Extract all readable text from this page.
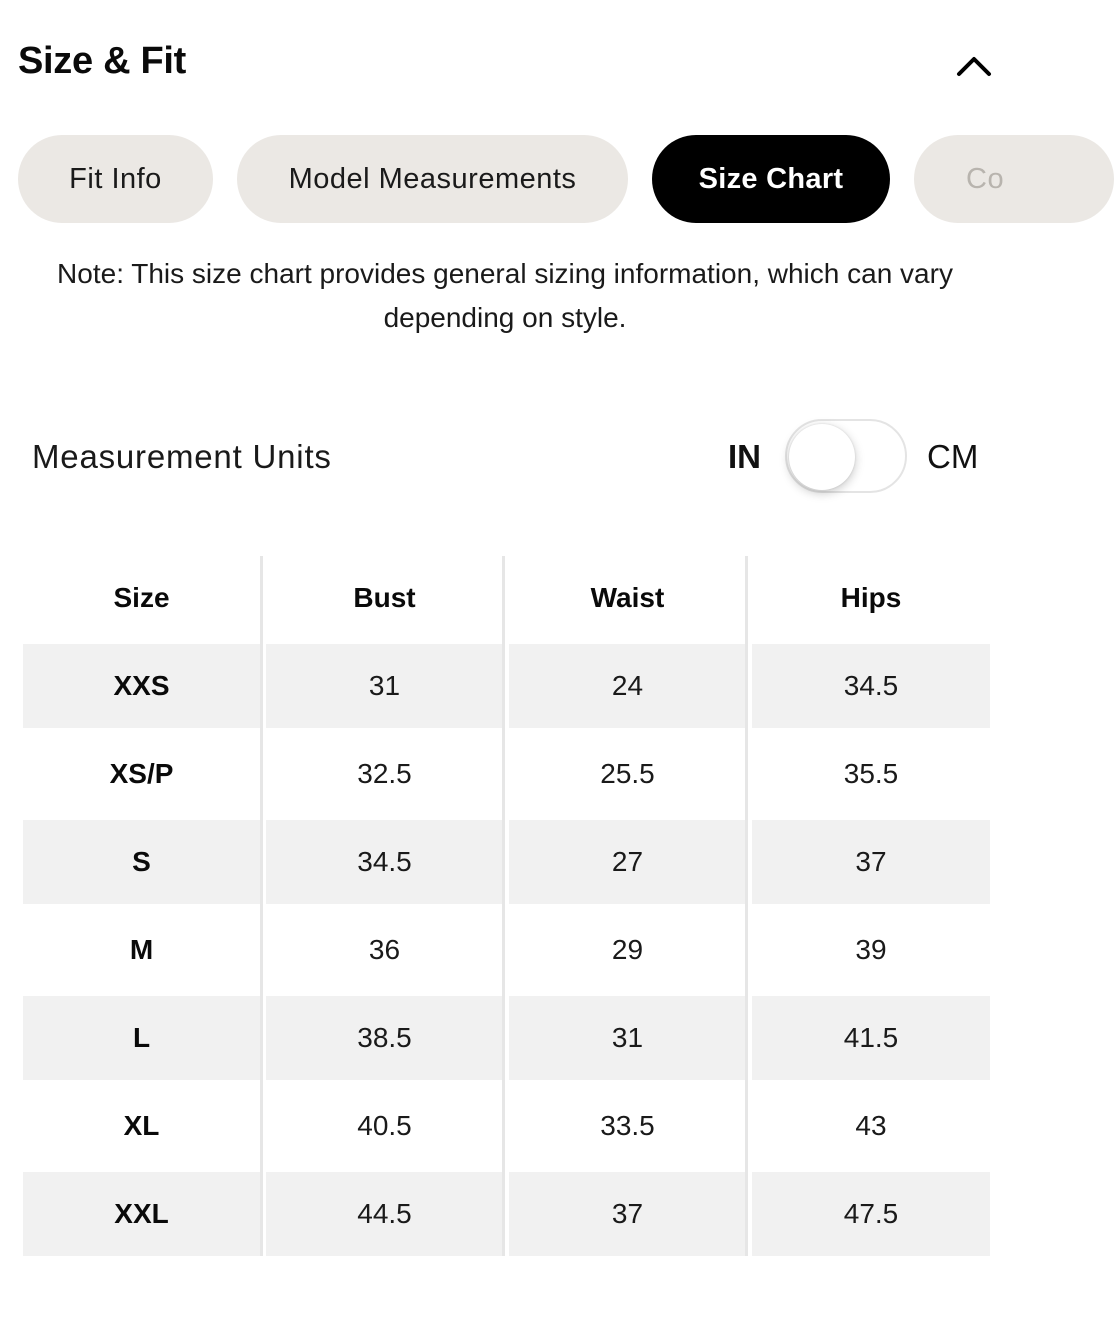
Size & Fit
Fit Info	Model Measurements	Size Chart	Co
Note: This size chart provides general sizing information, which can vary depending on style.
Measurement Units	IN	CM
Size	Bust	Waist	Hips
XXS	31	24	34.5
XS/P	32.5	25.5	35.5
S	34.5	27	37
M	36	29	39
L	38.5	31	41.5
XL	40.5	33.5	43
XXL	44.5	37	47.5
